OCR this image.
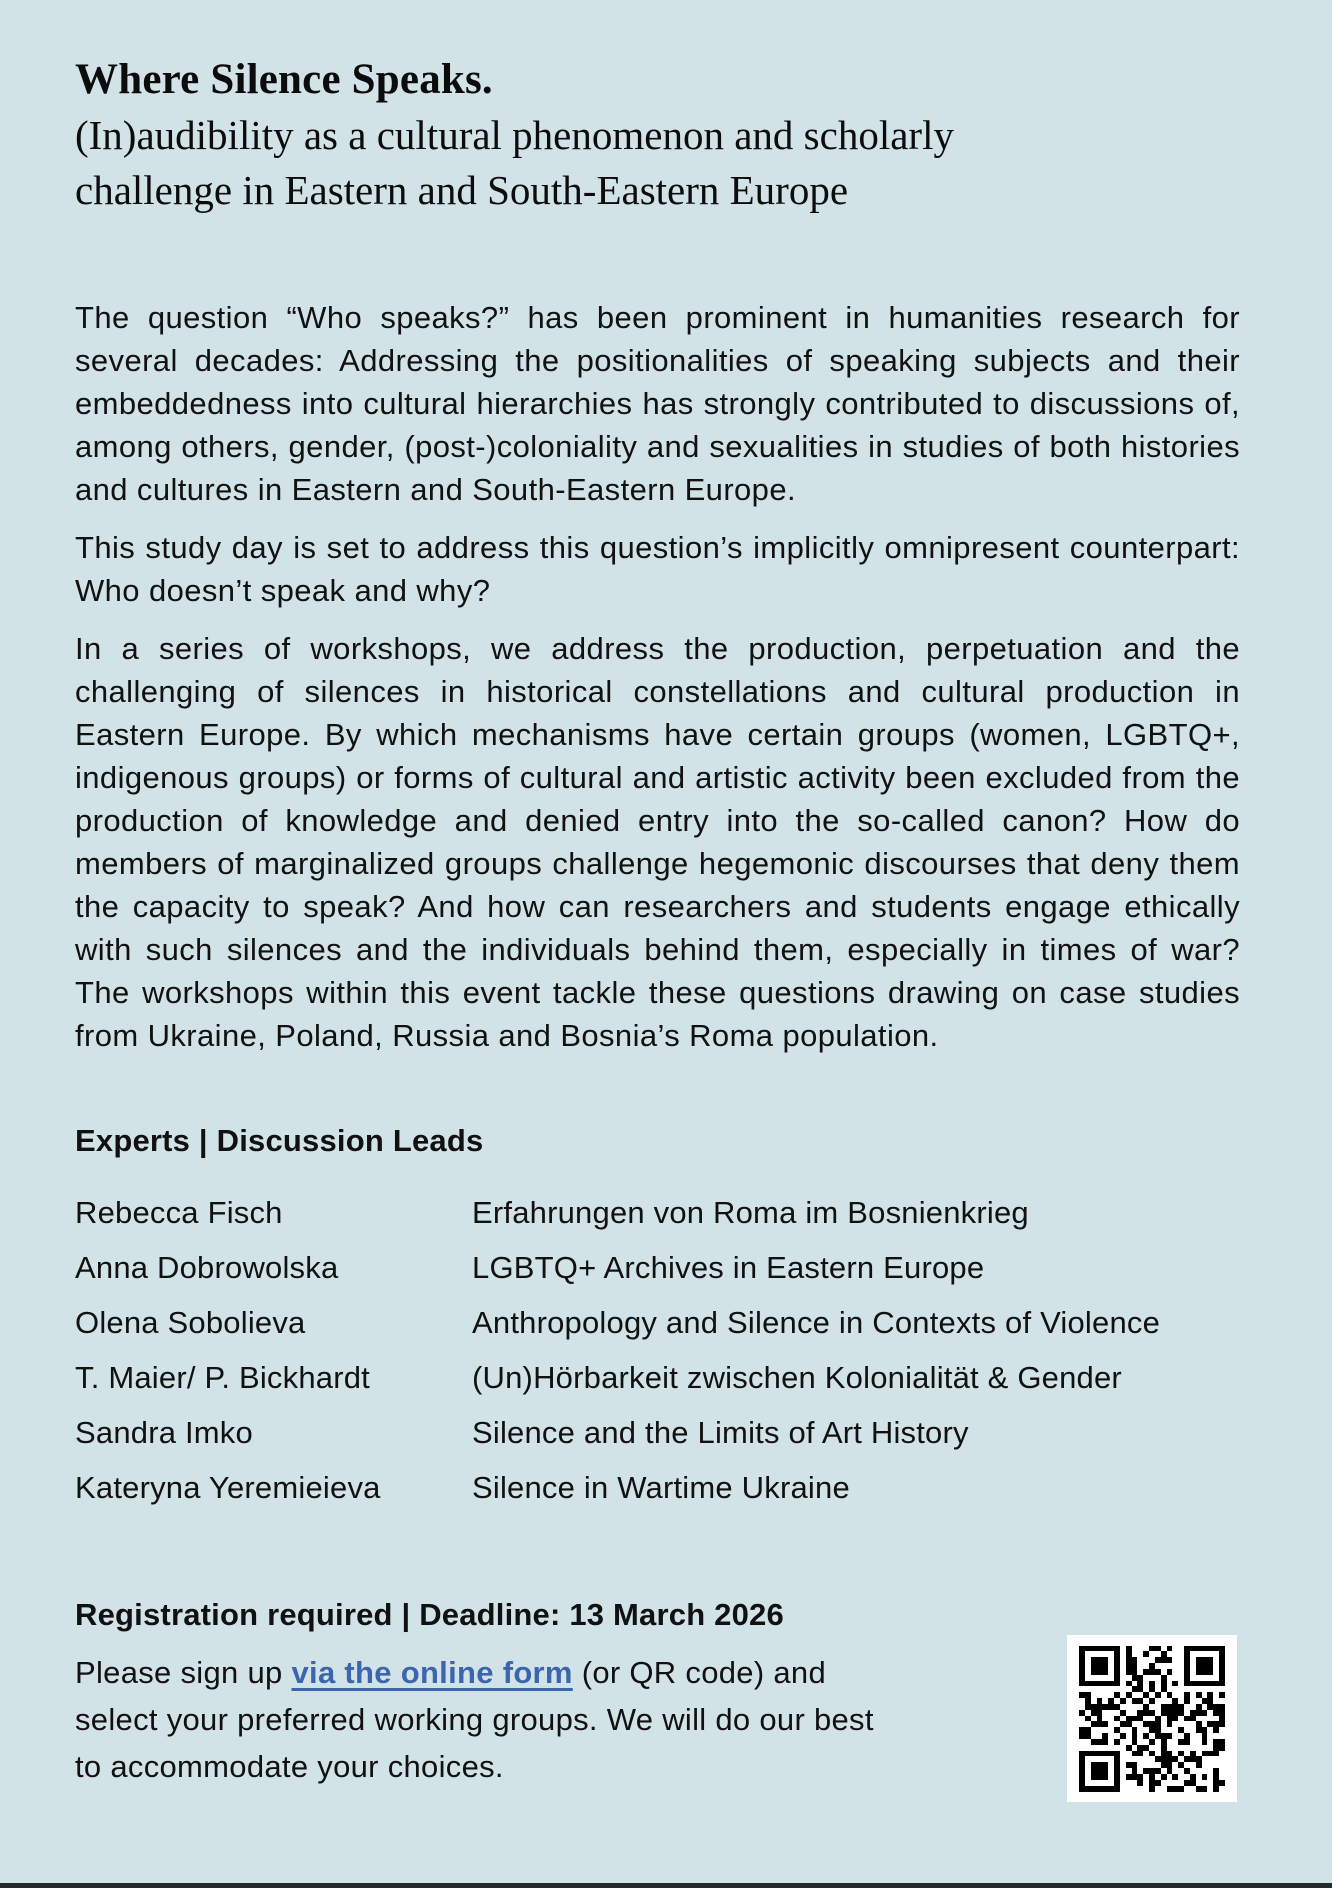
Where Silence Speaks.
(In)audibility as a cultural phenomenon and scholarly
challenge in Eastern and South-Eastern Europe

The question “Who speaks?” has been prominent in humanities research for several decades: Addressing the positionalities of speaking subjects and their embeddedness into cultural hierarchies has strongly contributed to discussions of, among others, gender, (post-)coloniality and sexualities in studies of both histories and cultures in Eastern and South-Eastern Europe.

This study day is set to address this question’s implicitly omnipresent counterpart: Who doesn’t speak and why?

In a series of workshops, we address the production, perpetuation and the challenging of silences in historical constellations and cultural production in Eastern Europe. By which mechanisms have certain groups (women, LGBTQ+, indigenous groups) or forms of cultural and artistic activity been excluded from the production of knowledge and denied entry into the so-called canon? How do members of marginalized groups challenge hegemonic discourses that deny them the capacity to speak? And how can researchers and students engage ethically with such silences and the individuals behind them, especially in times of war? The workshops within this event tackle these questions drawing on case studies from Ukraine, Poland, Russia and Bosnia’s Roma population.

Experts | Discussion Leads
Rebecca Fisch	Erfahrungen von Roma im Bosnienkrieg
Anna Dobrowolska	LGBTQ+ Archives in Eastern Europe
Olena Sobolieva	Anthropology and Silence in Contexts of Violence
T. Maier/ P. Bickhardt	(Un)Hörbarkeit zwischen Kolonialität & Gender
Sandra Imko	Silence and the Limits of Art History
Kateryna Yeremieieva	Silence in Wartime Ukraine
Registration required | Deadline: 13 March 2026

Please sign up via the online form (or QR code) and select your preferred working groups. We will do our best to accommodate your choices.
